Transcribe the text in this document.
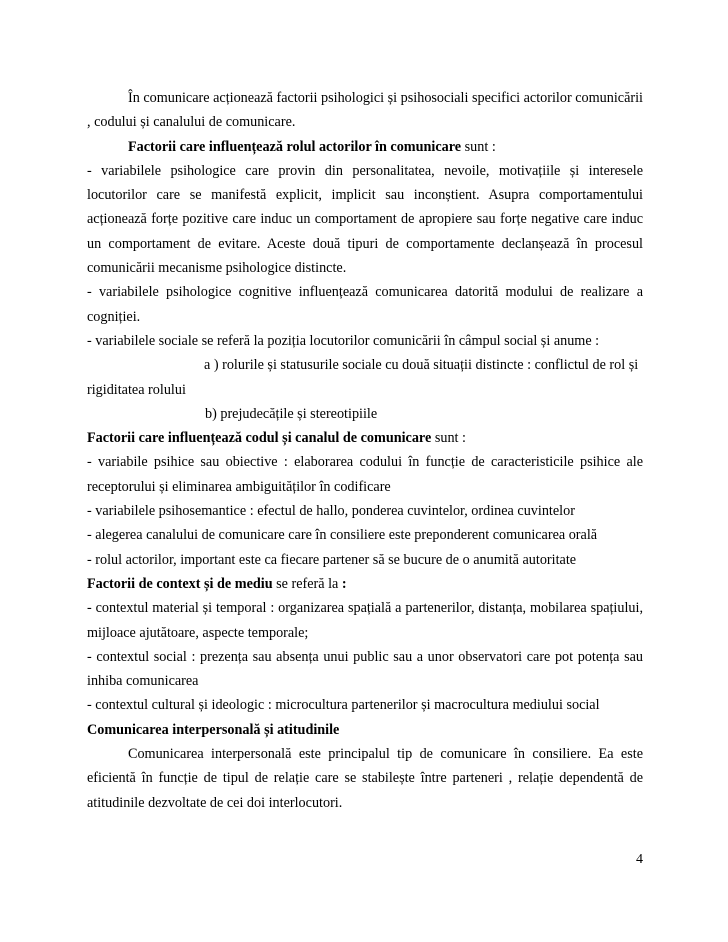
În comunicare acționează factorii psihologici și psihosociali specifici actorilor comunicării , codului și canalului de comunicare.

Factorii care influențează rolul actorilor în comunicare sunt :

- variabilele psihologice care provin din personalitatea, nevoile, motivațiile și interesele locutorilor care se manifestă explicit, implicit sau inconștient. Asupra comportamentului acționează forțe pozitive care induc un comportament de apropiere sau forțe negative care induc un comportament de evitare. Aceste două tipuri de comportamente declanșează în procesul comunicării mecanisme psihologice distincte.

- variabilele psihologice cognitive influențează comunicarea datorită modului de realizare a cogniției.

- variabilele sociale se referă la poziția locutorilor comunicării în câmpul social și anume :

a ) rolurile și statusurile sociale cu două situații distincte : conflictul de rol și

rigiditatea rolului

b) prejudecățile și stereotipiile

Factorii care influențează codul și canalul de comunicare sunt :

- variabile psihice sau obiective : elaborarea codului în funcție de caracteristicile psihice ale receptorului și eliminarea ambiguităților în codificare

- variabilele psihosemantice : efectul de hallo, ponderea cuvintelor, ordinea cuvintelor

- alegerea canalului de comunicare care în consiliere este preponderent comunicarea orală

- rolul actorilor, important este ca fiecare partener să se bucure de o anumită autoritate

Factorii de context și de mediu se referă la :

- contextul material și temporal : organizarea spațială a partenerilor, distanța, mobilarea spațiului, mijloace ajutătoare, aspecte temporale;

- contextul social : prezența sau absența unui public sau a unor observatori care pot potența sau inhiba comunicarea

- contextul cultural și ideologic : microcultura partenerilor și macrocultura mediului social

Comunicarea interpersonală și atitudinile

Comunicarea interpersonală este principalul tip de comunicare în consiliere. Ea este eficientă în funcție de tipul de relație care se stabilește între parteneri , relație dependentă de atitudinile dezvoltate de cei doi interlocutori.

4
